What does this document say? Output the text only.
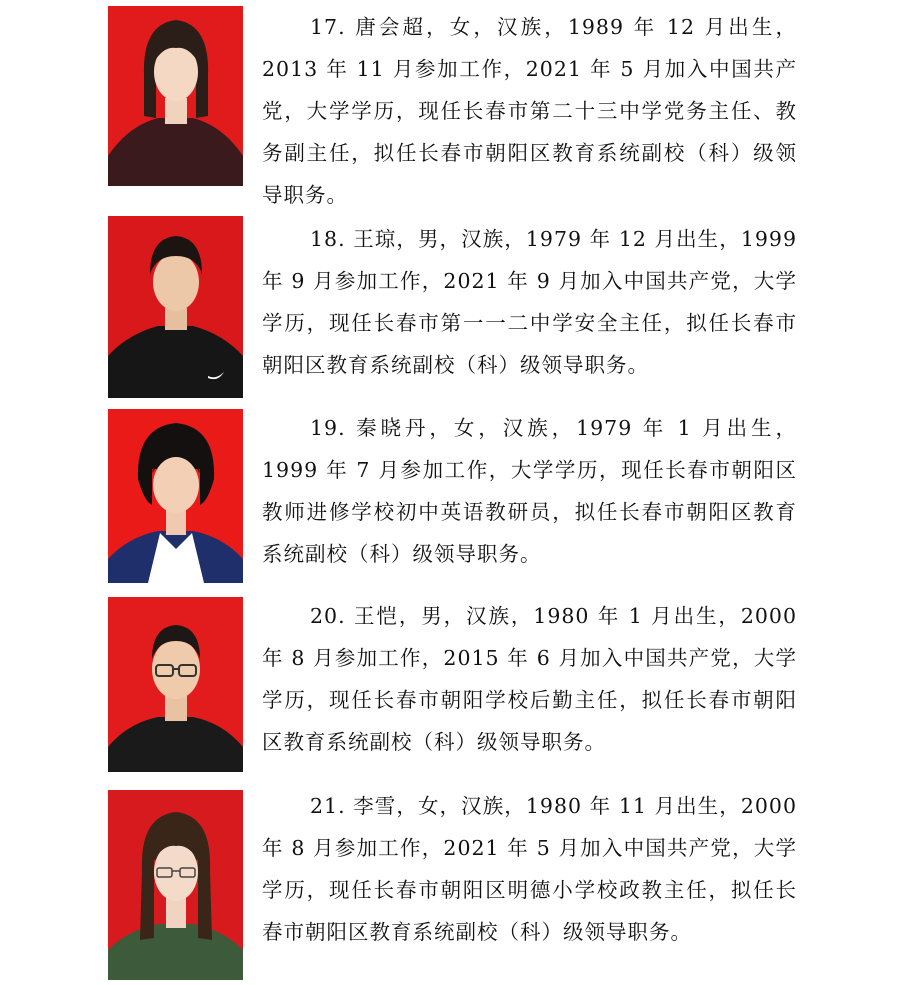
17. 唐会超，女，汉族，1989 年 12 月出生，2013 年 11 月参加工作，2021 年 5 月加入中国共产党，大学学历，现任长春市第二十三中学党务主任、教务副主任，拟任长春市朝阳区教育系统副校（科）级领导职务。

18. 王琼，男，汉族，1979 年 12 月出生，1999 年 9 月参加工作，2021 年 9 月加入中国共产党，大学学历，现任长春市第一一二中学安全主任，拟任长春市朝阳区教育系统副校（科）级领导职务。

19. 秦晓丹，女，汉族，1979 年 1 月出生，1999 年 7 月参加工作，大学学历，现任长春市朝阳区教师进修学校初中英语教研员，拟任长春市朝阳区教育系统副校（科）级领导职务。

20. 王恺，男，汉族，1980 年 1 月出生，2000 年 8 月参加工作，2015 年 6 月加入中国共产党，大学学历，现任长春市朝阳学校后勤主任，拟任长春市朝阳区教育系统副校（科）级领导职务。

21. 李雪，女，汉族，1980 年 11 月出生，2000 年 8 月参加工作，2021 年 5 月加入中国共产党，大学学历，现任长春市朝阳区明德小学校政教主任，拟任长春市朝阳区教育系统副校（科）级领导职务。
